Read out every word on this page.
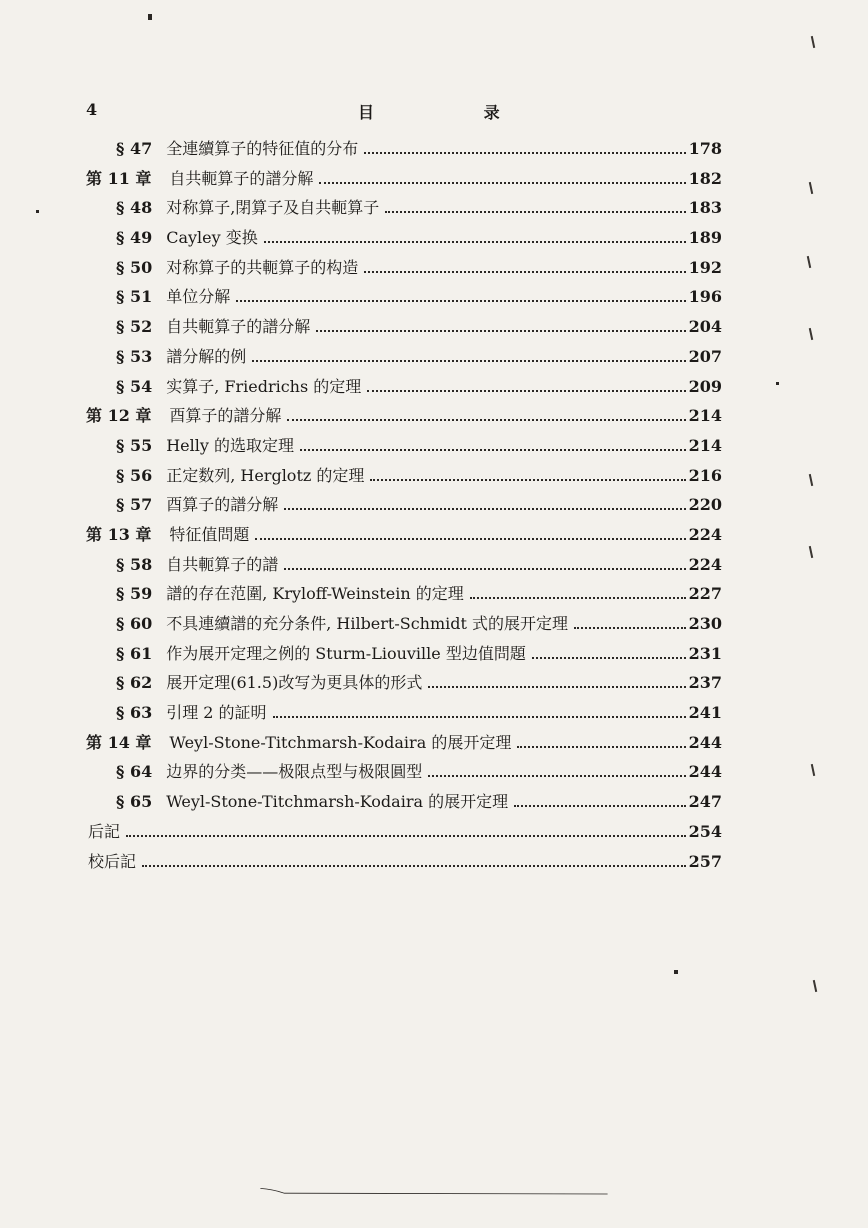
4	目 录
§ 47 全連續算子的特征值的分布	178
第 11 章 自共軛算子的譜分解	182
§ 48 对称算子,閉算子及自共軛算子	183
§ 49 Cayley 变换	189
§ 50 对称算子的共軛算子的构造	192
§ 51 单位分解	196
§ 52 自共軛算子的譜分解	204
§ 53 譜分解的例	207
§ 54 实算子, Friedrichs 的定理	209
第 12 章 酉算子的譜分解	214
§ 55 Helly 的选取定理	214
§ 56 正定数列, Herglotz 的定理	216
§ 57 酉算子的譜分解	220
第 13 章 特征值問題	224
§ 58 自共軛算子的譜	224
§ 59 譜的存在范圍, Kryloff-Weinstein 的定理	227
§ 60 不具連續譜的充分条件, Hilbert-Schmidt 式的展开定理	230
§ 61 作为展开定理之例的 Sturm-Liouville 型边值問題	231
§ 62 展开定理(61.5)改写为更具体的形式	237
§ 63 引理 2 的証明	241
第 14 章 Weyl-Stone-Titchmarsh-Kodaira 的展开定理	244
§ 64 边界的分类——极限点型与极限圓型	244
§ 65 Weyl-Stone-Titchmarsh-Kodaira 的展开定理	247
后記	254
校后記	257
